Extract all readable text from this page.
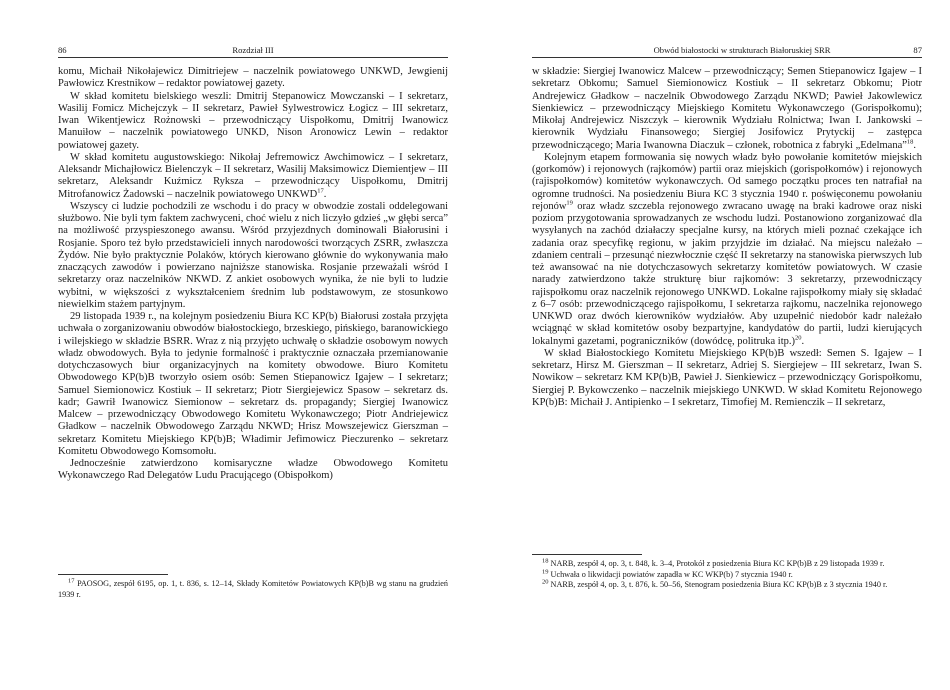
86	Rozdział III

komu, Michaił Nikołajewicz Dimitriejew – naczelnik powiatowego UNKWD, Jewgienij Pawłowicz Krestnikow – redaktor powiatowej gazety.

W skład komitetu bielskiego weszli: Dmitrij Stepanowicz Mowczanski – I sekretarz, Wasilij Fomicz Michejczyk – II sekretarz, Pawieł Sylwestrowicz Łogicz – III sekretarz, Iwan Wikentjewicz Rożnowski – przewodniczący Uispołkomu, Dmitrij Iwanowicz Manuiłow – naczelnik powiatowego UNKD, Nison Aronowicz Lewin – redaktor powiatowej gazety.

W skład komitetu augustowskiego: Nikołaj Jefremowicz Awchimowicz – I sekretarz, Aleksandr Michajłowicz Bielenczyk – II sekretarz, Wasilij Maksimowicz Diemientjew – III sekretarz, Aleksandr Kuźmicz Ryksza – przewodniczący Uispołkomu, Dmitrij Mitrofanowicz Żadowski – naczelnik powiatowego UNKWD$^{17}$.

Wszyscy ci ludzie pochodzili ze wschodu i do pracy w obwodzie zostali oddelegowani służbowo. Nie byli tym faktem zachwyceni, choć wielu z nich liczyło gdzieś „w głębi serca” na możliwość przyspieszonego awansu. Wśród przyjezdnych dominowali Białorusini i Rosjanie. Sporo też było przedstawicieli innych narodowości tworzących ZSRR, zwłaszcza Żydów. Nie było praktycznie Polaków, których kierowano głównie do wykonywania mało znaczących zawodów i powierzano najniższe stanowiska. Rosjanie przeważali wśród I sekretarzy oraz naczelników NKWD. Z ankiet osobowych wynika, że nie byli to ludzie wybitni, w większości z wykształceniem średnim lub podstawowym, ze stosunkowo niewielkim stażem partyjnym.

29 listopada 1939 r., na kolejnym posiedzeniu Biura KC KP(b) Białorusi została przyjęta uchwała o zorganizowaniu obwodów białostockiego, brzeskiego, pińskiego, baranowickiego i wilejskiego w składzie BSRR. Wraz z nią przyjęto uchwałę o składzie osobowym nowych władz obwodowych. Była to jedynie formalność i praktycznie oznaczała przemianowanie dotychczasowych biur organizacyjnych na komitety obwodowe. Biuro Komitetu Obwodowego KP(b)B tworzyło osiem osób: Semen Stiepanowicz Igajew – I sekretarz; Samuel Siemionowicz Kostiuk – II sekretarz; Piotr Siergiejewicz Spasow – sekretarz ds. kadr; Gawrił Iwanowicz Siemionow – sekretarz ds. propagandy; Siergiej Iwanowicz Malcew – przewodniczący Obwodowego Komitetu Wykonawczego; Piotr Andriejewicz Gładkow – naczelnik Obwodowego Zarządu NKWD; Hrisz Mowszejewicz Gierszman – sekretarz Komitetu Miejskiego KP(b)B; Władimir Jefimowicz Pieczurenko – sekretarz Komitetu Obwodowego Komsomołu.

Jednocześnie zatwierdzono komisaryczne władze Obwodowego Komitetu Wykonawczego Rad Delegatów Ludu Pracującego (Obispołkom)

$^{17}$ PAOSOG, zespół 6195, op. 1, t. 836, s. 12–14, Składy Komitetów Powiatowych KP(b)B wg stanu na grudzień 1939 r.

Obwód białostocki w strukturach Białoruskiej SRR	87

w składzie: Siergiej Iwanowicz Malcew – przewodniczący; Semen Stiepanowicz Igajew – I sekretarz Obkomu; Samuel Siemionowicz Kostiuk – II sekretarz Obkomu; Piotr Andrejewicz Gładkow – naczelnik Obwodowego Zarządu NKWD; Pawieł Jakowlewicz Sienkiewicz – przewodniczący Miejskiego Komitetu Wykonawczego (Gorispołkomu); Mikołaj Andrejewicz Niszczyk – kierownik Wydziału Rolnictwa; Iwan I. Jankowski – kierownik Wydziału Finansowego; Siergiej Josifowicz Prytyckij – zastępca przewodniczącego; Maria Iwanowna Diaczuk – członek, robotnica z fabryki „Edelmana”$^{18}$.

Kolejnym etapem formowania się nowych władz było powołanie komitetów miejskich (gorkomów) i rejonowych (rajkomów) partii oraz miejskich (gorispołkomów) i rejonowych (rajispołkomów) komitetów wykonawczych. Od samego początku proces ten natrafiał na ogromne trudności. Na posiedzeniu Biura KC 3 stycznia 1940 r. poświęconemu powołaniu rejonów$^{19}$ oraz władz szczebla rejonowego zwracano uwagę na braki kadrowe oraz niski poziom przygotowania sprowadzanych ze wschodu ludzi. Postanowiono zorganizować dla wysyłanych na zachód działaczy specjalne kursy, na których mieli poznać czekające ich zadania oraz specyfikę regionu, w jakim przyjdzie im działać. Na miejscu należało – zdaniem centrali – przesunąć niezwłocznie część II sekretarzy na stanowiska pierwszych lub też awansować na nie dotychczasowych sekretarzy komitetów powiatowych. W czasie narady zatwierdzono także strukturę biur rajkomów: 3 sekretarzy, przewodniczący rajispołkomu oraz naczelnik rejonowego UNKWD. Lokalne rajispołkomy miały się składać z 6–7 osób: przewodniczącego rajispołkomu, I sekretarza rajkomu, naczelnika rejonowego UNKWD oraz dwóch kierowników wydziałów. Aby uzupełnić niedobór kadr należało wciągnąć w skład komitetów osoby bezpartyjne, kandydatów do partii, ludzi kierujących lokalnymi gazetami, pograniczników (dowódcę, politruka itp.)$^{20}$.

W skład Białostockiego Komitetu Miejskiego KP(b)B wszedł: Semen S. Igajew – I sekretarz, Hirsz M. Gierszman – II sekretarz, Adriej S. Siergiejew – III sekretarz, Iwan S. Nowikow – sekretarz KM KP(b)B, Pawieł J. Sienkiewicz – przewodniczący Gorispołkomu, Siergiej P. Bykowczenko – naczelnik miejskiego UNKWD. W skład Komitetu Rejonowego KP(b)B: Michaił J. Antipienko – I sekretarz, Timofiej M. Remienczik – II sekretarz,

$^{18}$ NARB, zespół 4, op. 3, t. 848, k. 3–4, Protokół z posiedzenia Biura KC KP(b)B z 29 listopada 1939 r.

$^{19}$ Uchwała o likwidacji powiatów zapadła w KC WKP(b) 7 stycznia 1940 r.

$^{20}$ NARB, zespół 4, op. 3, t. 876, k. 50–56, Stenogram posiedzenia Biura KC KP(b)B z 3 stycznia 1940 r.
